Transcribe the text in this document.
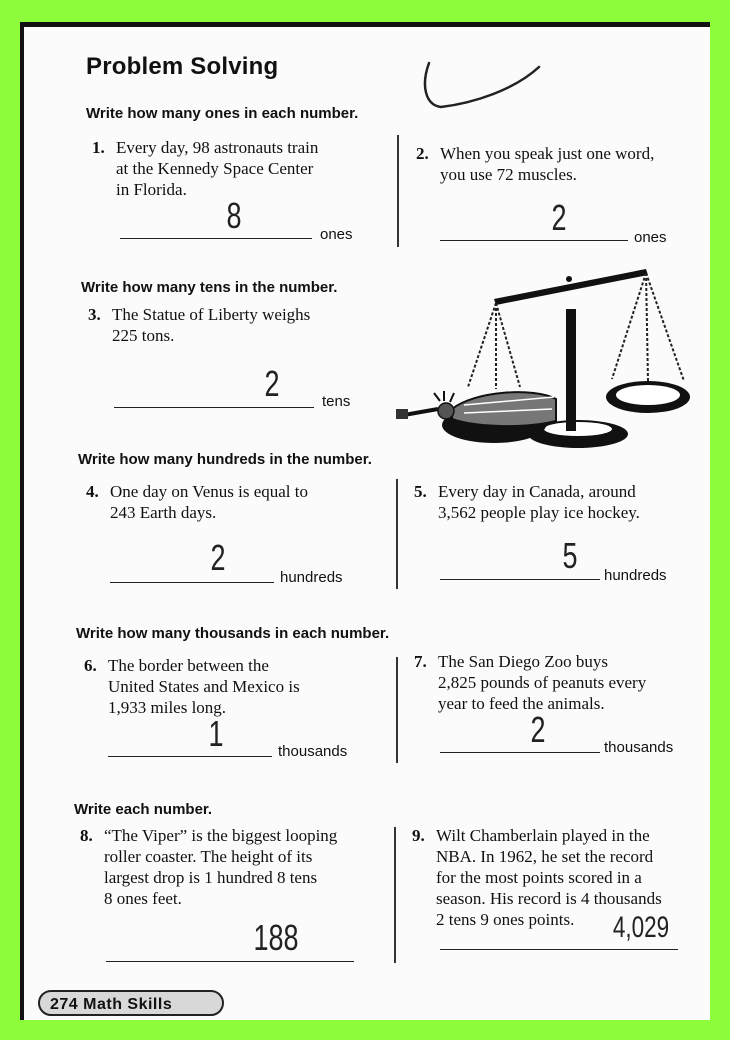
Problem Solving
Write how many ones in each number.
1. Every day, 98 astronauts train
at the Kennedy Space Center
in Florida.
8	ones
2. When you speak just one word,
you use 72 muscles.
2	ones
Write how many tens in the number.
3. The Statue of Liberty weighs
225 tons.
2	tens
Write how many hundreds in the number.
4. One day on Venus is equal to
243 Earth days.
2	hundreds
5. Every day in Canada, around
3,562 people play ice hockey.
5	hundreds
Write how many thousands in each number.
6. The border between the
United States and Mexico is
1,933 miles long.
1	thousands
7. The San Diego Zoo buys
2,825 pounds of peanuts every
year to feed the animals.
2	thousands
Write each number.
8. “The Viper” is the biggest looping
roller coaster. The height of its
largest drop is 1 hundred 8 tens
8 ones feet.
188
9. Wilt Chamberlain played in the
NBA. In 1962, he set the record
for the most points scored in a
season. His record is 4 thousands
2 tens 9 ones points.	4,029
274 Math Skills
